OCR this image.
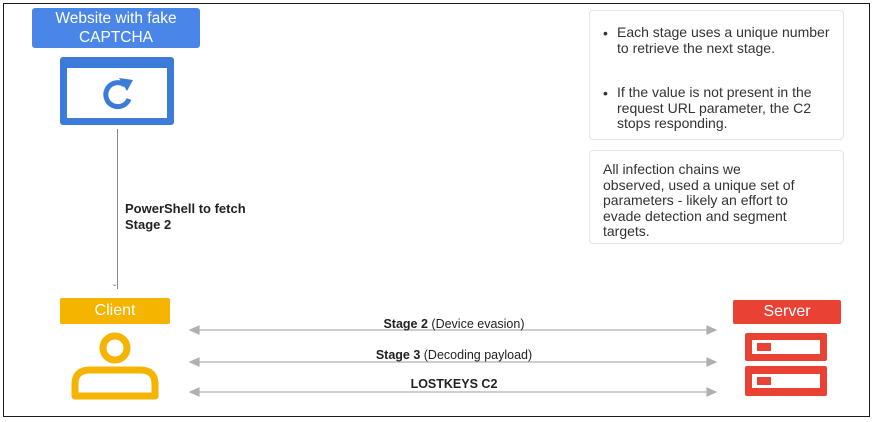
Website with fake CAPTCHA
ˇ
PowerShell to fetch Stage 2
• Each stage uses a unique number to retrieve the next stage.
• If the value is not present in the request URL parameter, the C2 stops responding.
All infection chains we observed, used a unique set of parameters - likely an effort to evade detection and segment targets.
Client	Server
Stage 2 (Device evasion)
Stage 3 (Decoding payload)
LOSTKEYS C2
